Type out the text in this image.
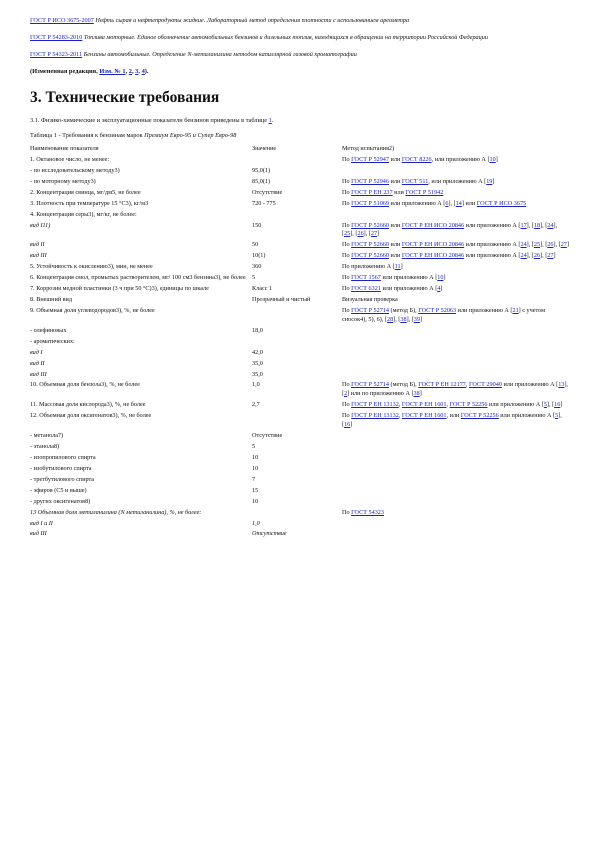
ГОСТ Р ИСО 3675-2007 Нефть сырая и нефтепродукты жидкие. Лабораторный метод определения плотности с использованием ареометра
ГОСТ Р 54283-2010 Топлива моторные. Единое обозначение автомобильных бензинов и дизельных топлив, находящихся в обращении на территории Российской Федерации
ГОСТ Р 54323-2011 Бензины автомобильные. Определение N-метиланилина методом капиллярной газовой хроматографии
(Измененная редакция, Изм. № 1, 2, 3, 4).
3. Технические требования
3.1. Физико-химические и эксплуатационные показатели бензинов приведены в таблице 1.
Таблица 1 - Требования к бензинам марок Премиум Евро-95 и Супер Евро-98
Наименование показателя	Значение	Метод испытания2)
1. Октановое число, не менее:		По ГОСТ Р 52947 или ГОСТ 8226, или приложению А [10]
- по исследовательскому методу3)	95,0(1)	
- по моторному методу3)	85,0(1)	По ГОСТ Р 52946 или ГОСТ 511, или приложению А [19]
2. Концентрация свинца, мг/дм5, не более	Отсутствие	По ГОСТ Р ЕН 237 или ГОСТ Р 51942
3. Плотность при температуре 15 °С3), кг/м3	720 - 775	По ГОСТ Р 51069 или приложению А [6], [14] или ГОСТ Р ИСО 3675
4. Концентрация серы3), мг/кг, не более:		
вид I11)	150	По ГОСТ Р 52660 или ГОСТ Р ЕН ИСО 20846 или приложению А [17], [18], [24], [25], [26], [27]
вид II	50	По ГОСТ Р 52660 или ГОСТ Р ЕН ИСО 20846 или приложению А [24], [25], [26], [27]
вид III	10(1)	По ГОСТ Р 52660 или ГОСТ Р ЕН ИСО 20846 или приложению А [24], [26], [27]
5. Устойчивость к окислению3), мин, не менее	360	По приложению А [11]
6. Концентрация смол, промытых растворителем, мг/ 100 см3 бензина3), не более	5	По ГОСТ 1567 или приложению А [10]
7. Коррозия медной пластинки (3 ч при 50 °С)3), единицы по шкале	Класс 1	По ГОСТ 6321 или приложению А [4]
8. Внешний вид	Прозрачный и чистый	Визуальная проверка
9. Объемная доля углеводородов3), %, не более		По ГОСТ Р 52714 (метод Б), ГОСТ Р 52063 или приложению А [21] с учетом сносок4), 5), 6), [28], [38], [39]
- олефиновых	18,0	
- ароматических:		
вид I	42,0	
вид II	35,0	
вид III	35,0	
10. Объемная доля бензола3), %, не более	1,0	По ГОСТ Р 52714 (метод Б), ГОСТ Р ЕН 12177, ГОСТ 29040 или приложению А [13], [2] или по приложению А [38]
11. Массовая доля кислорода3), %, не более	2,7	По ГОСТ Р ЕН 13132, ГОСТ Р ЕН 1601, ГОСТ Р 52256 или приложению А [5], [16]
12. Объемная доля оксигенатов3), %, не более		По ГОСТ Р ЕН 13132, ГОСТ Р ЕН 1601, или ГОСТ Р 52256 или приложению А [5], [16]
- метанола7)	Отсутствие	
- этанола8)	5	
- изопропилового спирта	10	
- изобутилового спирта	10	
- третбутилового спирта	7	
- эфиров (С5 и выше)	15	
- других оксигенатов8)	10	
13 Объемная доля метиланилина (N метиланилина), %, не более:		По ГОСТ 54323
вид I и II	1,0	
вид III	Отсутствие	
